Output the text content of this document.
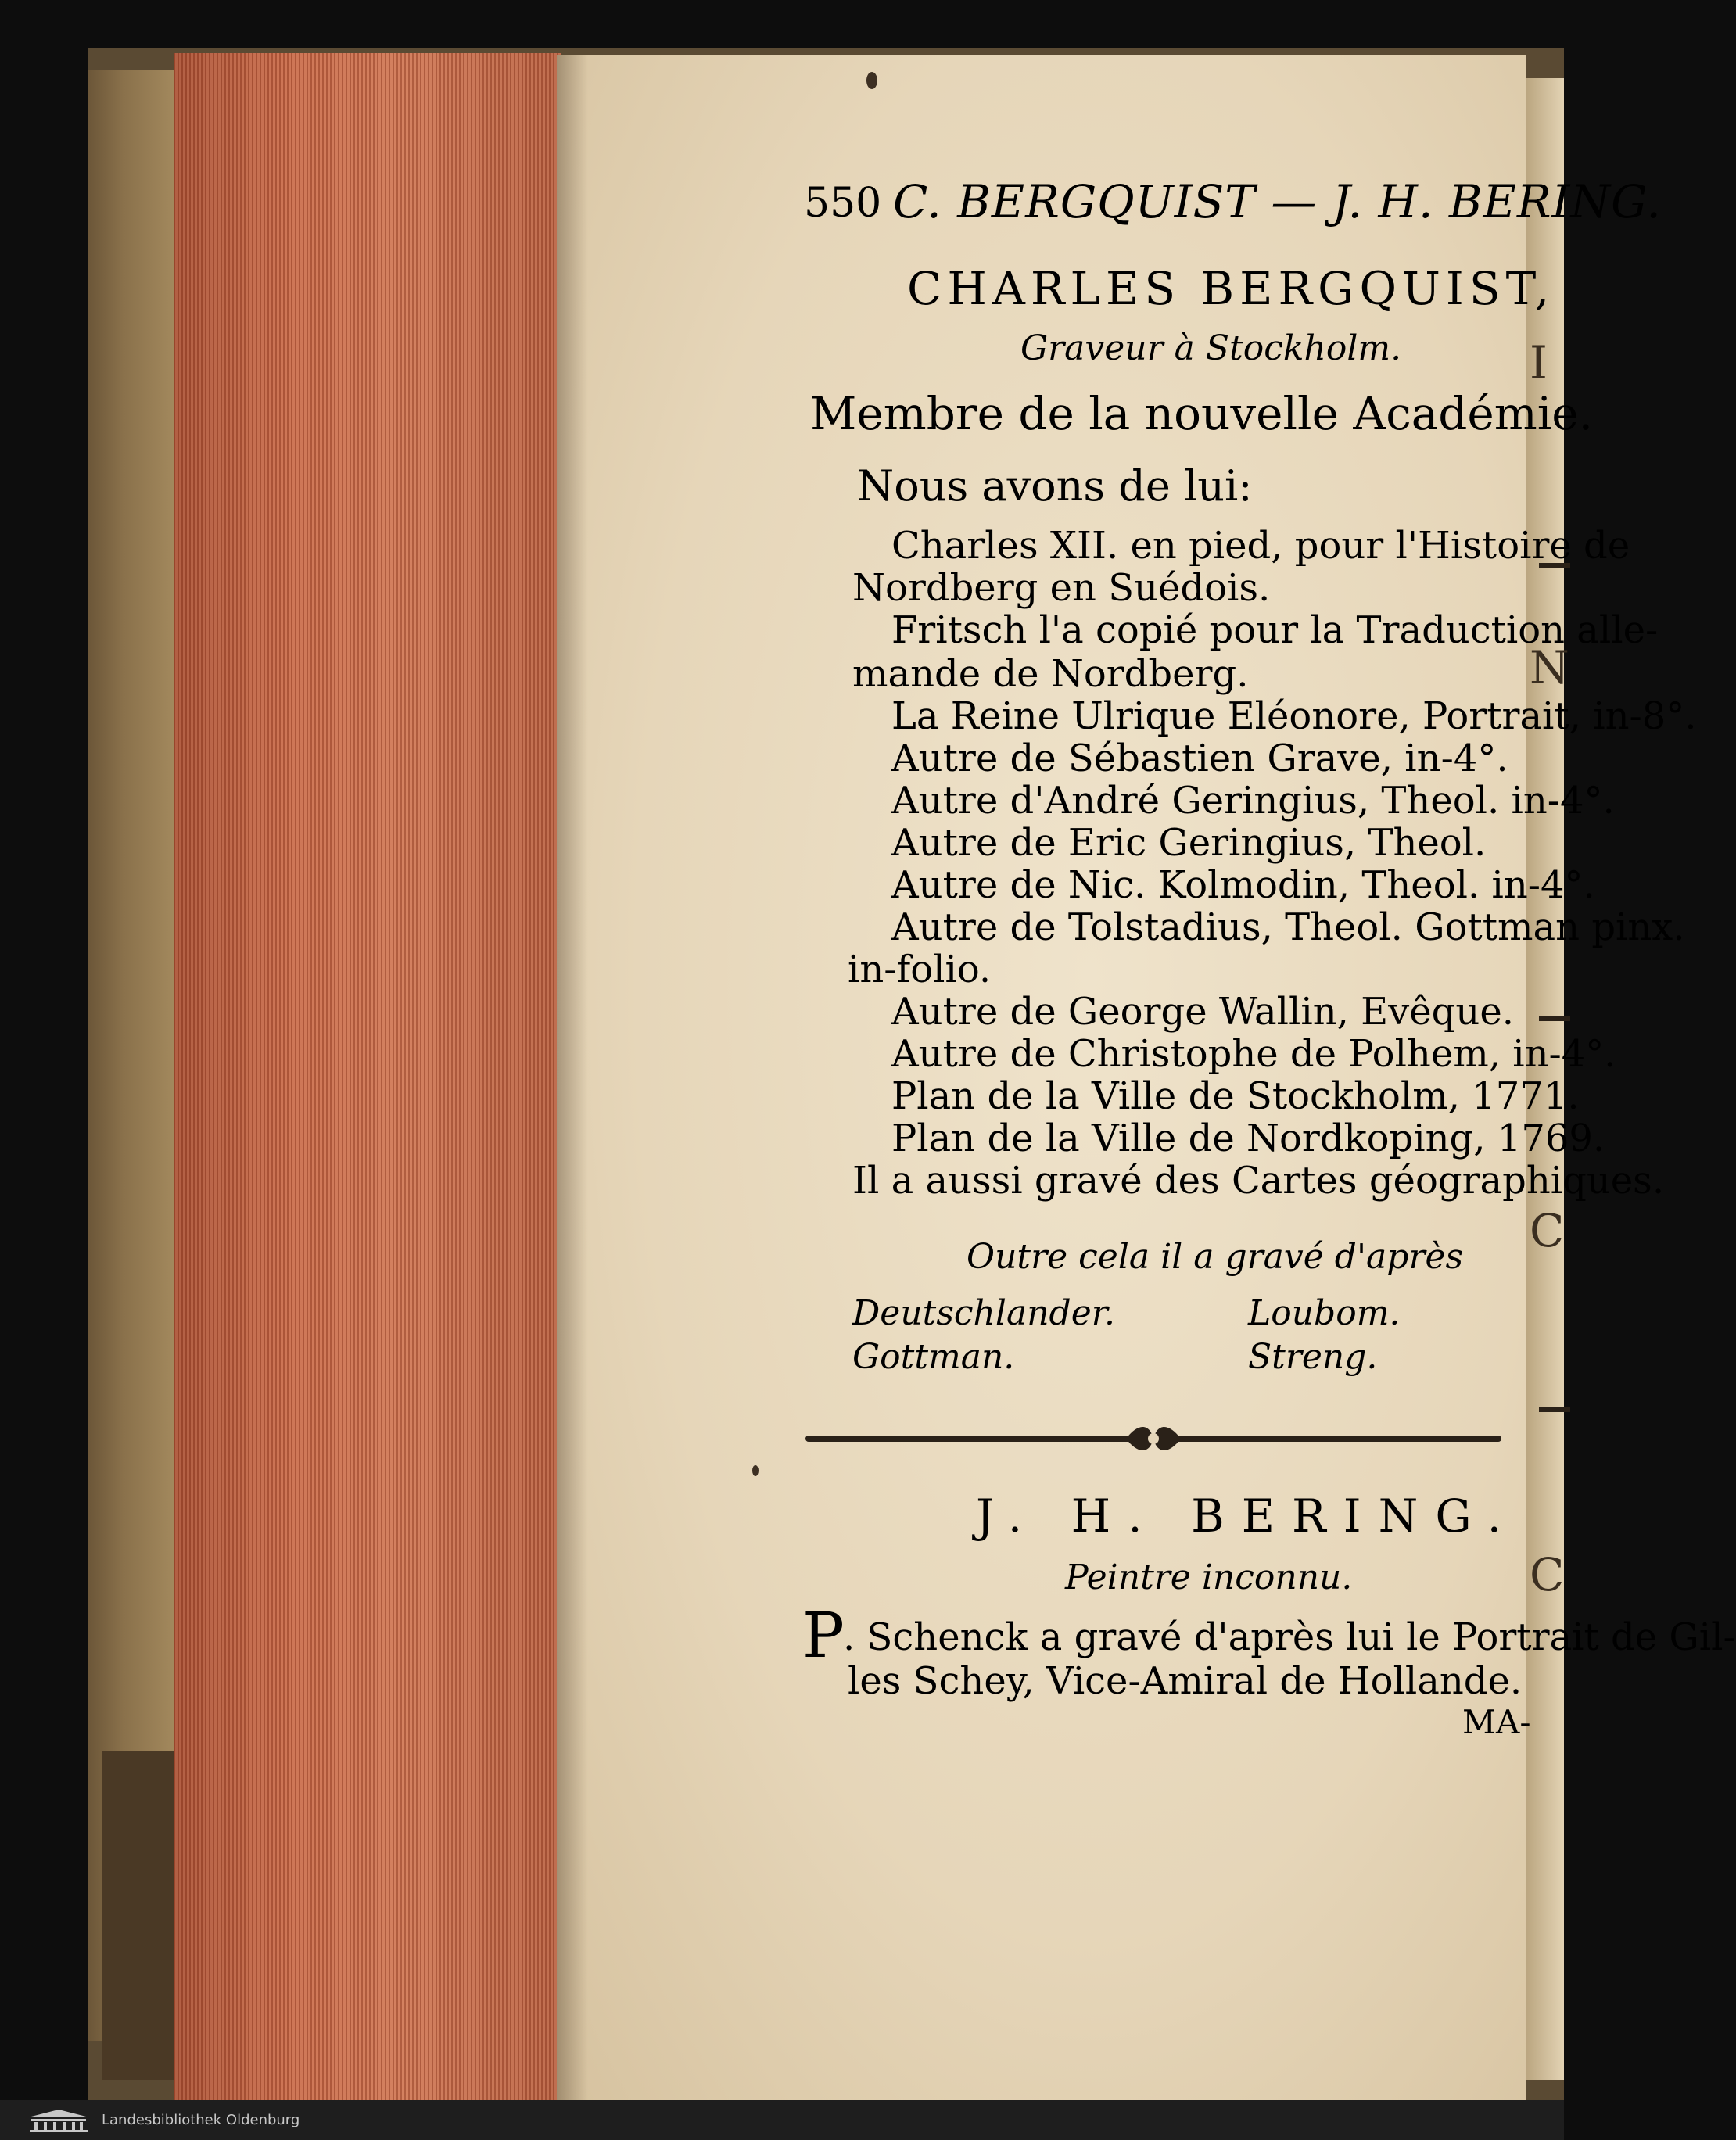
I
N
C
C
550 C. BERGQUIST — J. H. BERING.
CHARLES BERGQUIST,
Graveur à Stockholm.
Membre de la nouvelle Académie.
Nous avons de lui:
Charles XII. en pied, pour l'Histoire de
Nordberg en Suédois.
Fritsch l'a copié pour la Traduction alle-
mande de Nordberg.
La Reine Ulrique Eléonore, Portrait, in-8°.
Autre de Sébastien Grave, in-4°.
Autre d'André Geringius, Theol. in-4°.
Autre de Eric Geringius, Theol.
Autre de Nic. Kolmodin, Theol. in-4°.
Autre de Tolstadius, Theol. Gottman pinx.
in-folio.
Autre de George Wallin, Evêque.
Autre de Christophe de Polhem, in-4°.
Plan de la Ville de Stockholm, 1771.
Plan de la Ville de Nordkoping, 1769.
Il a aussi gravé des Cartes géographiques.
Outre cela il a gravé d'après
Deutschlander.	Loubom.
Gottman.	Streng.
J. H. BERING.
Peintre inconnu.
P
. Schenck a gravé d'après lui le Portrait de Gil-
les Schey, Vice-Amiral de Hollande.
MA-
Landesbibliothek Oldenburg
